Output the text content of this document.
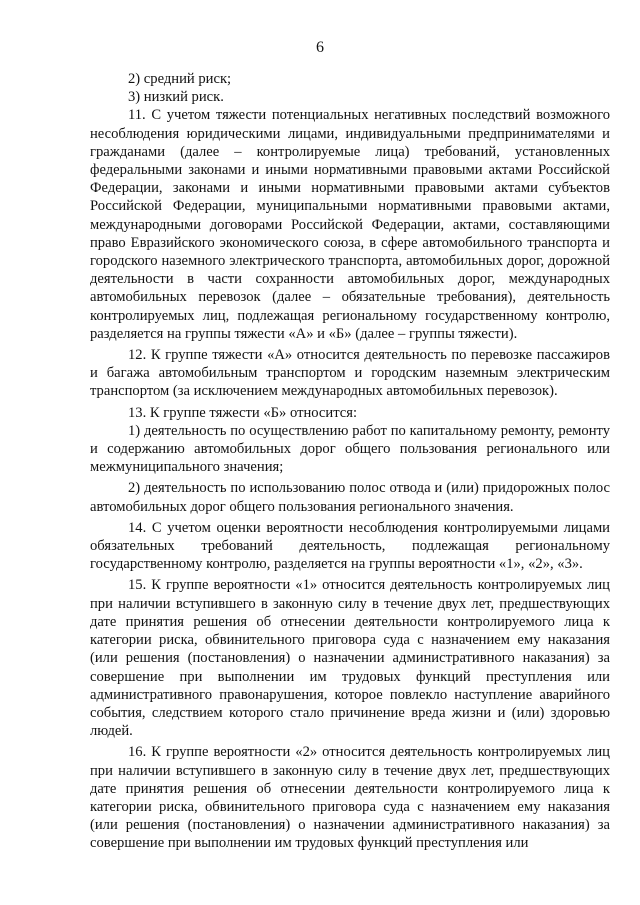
6

2) средний риск;

3) низкий риск.

11. С учетом тяжести потенциальных негативных последствий возможного несоблюдения юридическими лицами, индивидуальными предпринимателями и гражданами (далее – контролируемые лица) требований, установленных федеральными законами и иными нормативными правовыми актами Российской Федерации, законами и иными нормативными правовыми актами субъектов Российской Федерации, муниципальными нормативными правовыми актами, международными договорами Российской Федерации, актами, составляющими право Евразийского экономического союза, в сфере автомобильного транспорта и городского наземного электрического транспорта, автомобильных дорог, дорожной деятельности в части сохранности автомобильных дорог, международных автомобильных перевозок (далее – обязательные требования), деятельность контролируемых лиц, подлежащая региональному государственному контролю, разделяется на группы тяжести «А» и «Б» (далее – группы тяжести).

12. К группе тяжести «А» относится деятельность по перевозке пассажиров и багажа автомобильным транспортом и городским наземным электрическим транспортом (за исключением международных автомобильных перевозок).

13. К группе тяжести «Б» относится:

1) деятельность по осуществлению работ по капитальному ремонту, ремонту и содержанию автомобильных дорог общего пользования регионального или межмуниципального значения;

2) деятельность по использованию полос отвода и (или) придорожных полос автомобильных дорог общего пользования регионального значения.

14. С учетом оценки вероятности несоблюдения контролируемыми лицами обязательных требований деятельность, подлежащая региональному государственному контролю, разделяется на группы вероятности «1», «2», «3».

15. К группе вероятности «1» относится деятельность контролируемых лиц при наличии вступившего в законную силу в течение двух лет, предшествующих дате принятия решения об отнесении деятельности контролируемого лица к категории риска, обвинительного приговора суда с назначением ему наказания (или решения (постановления) о назначении административного наказания) за совершение при выполнении им трудовых функций преступления или административного правонарушения, которое повлекло наступление аварийного события, следствием которого стало причинение вреда жизни и (или) здоровью людей.

16. К группе вероятности «2» относится деятельность контролируемых лиц при наличии вступившего в законную силу в течение двух лет, предшествующих дате принятия решения об отнесении деятельности контролируемого лица к категории риска, обвинительного приговора суда с назначением ему наказания (или решения (постановления) о назначении административного наказания) за совершение при выполнении им трудовых функций преступления или
